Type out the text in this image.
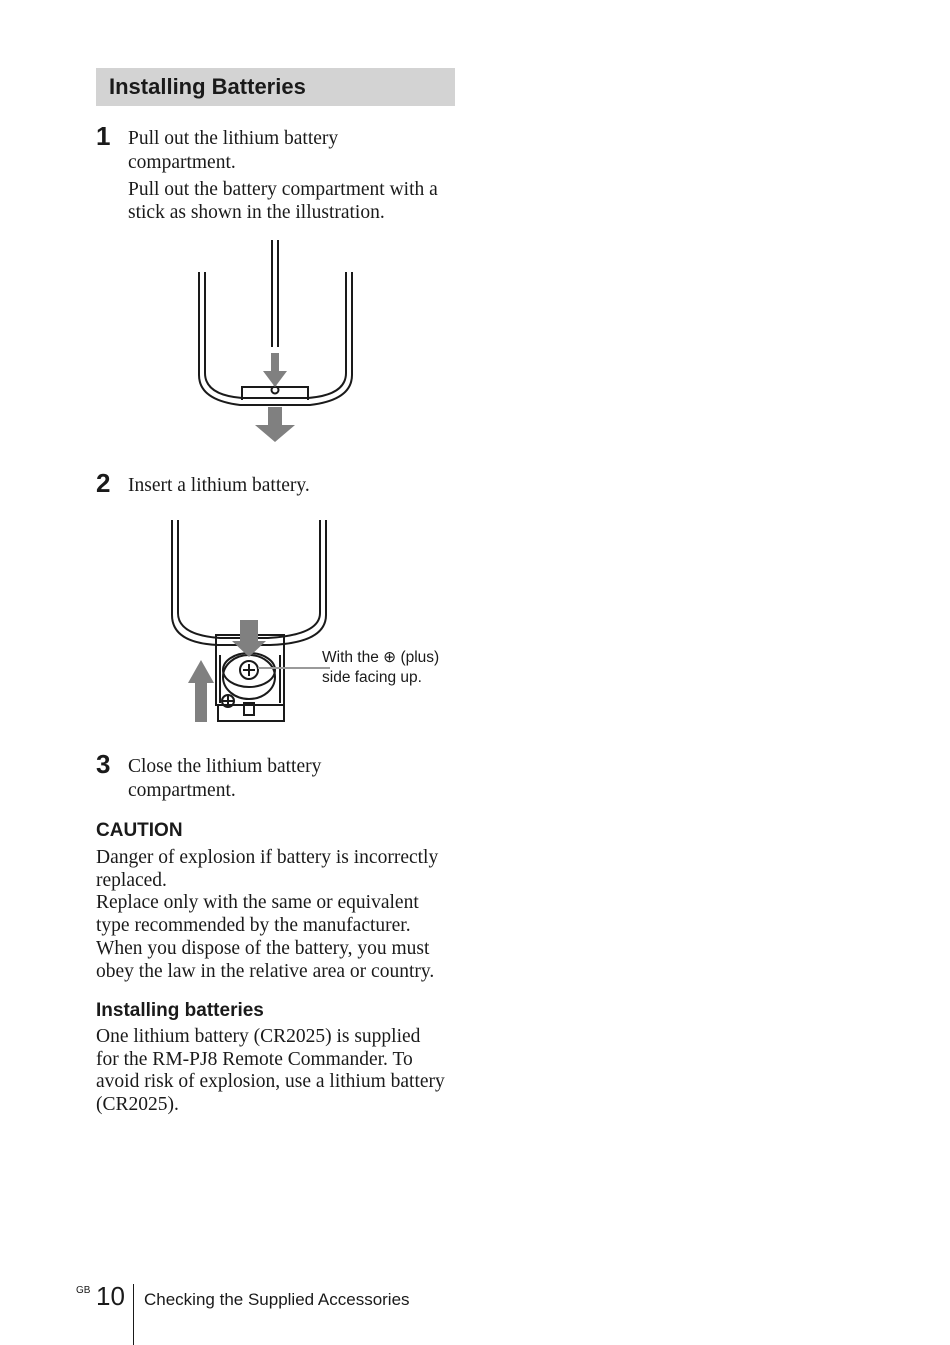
Installing Batteries
1 Pull out the lithium battery
compartment.
Pull out the battery compartment with a
stick as shown in the illustration.
2 Insert a lithium battery.
With the ⊕ (plus)
side facing up.
3 Close the lithium battery
compartment.
CAUTION
Danger of explosion if battery is incorrectly
replaced.
Replace only with the same or equivalent
type recommended by the manufacturer.
When you dispose of the battery, you must
obey the law in the relative area or country.
Installing batteries
One lithium battery (CR2025) is supplied
for the RM-PJ8 Remote Commander. To
avoid risk of explosion, use a lithium battery
(CR2025).
GB 10 Checking the Supplied Accessories
